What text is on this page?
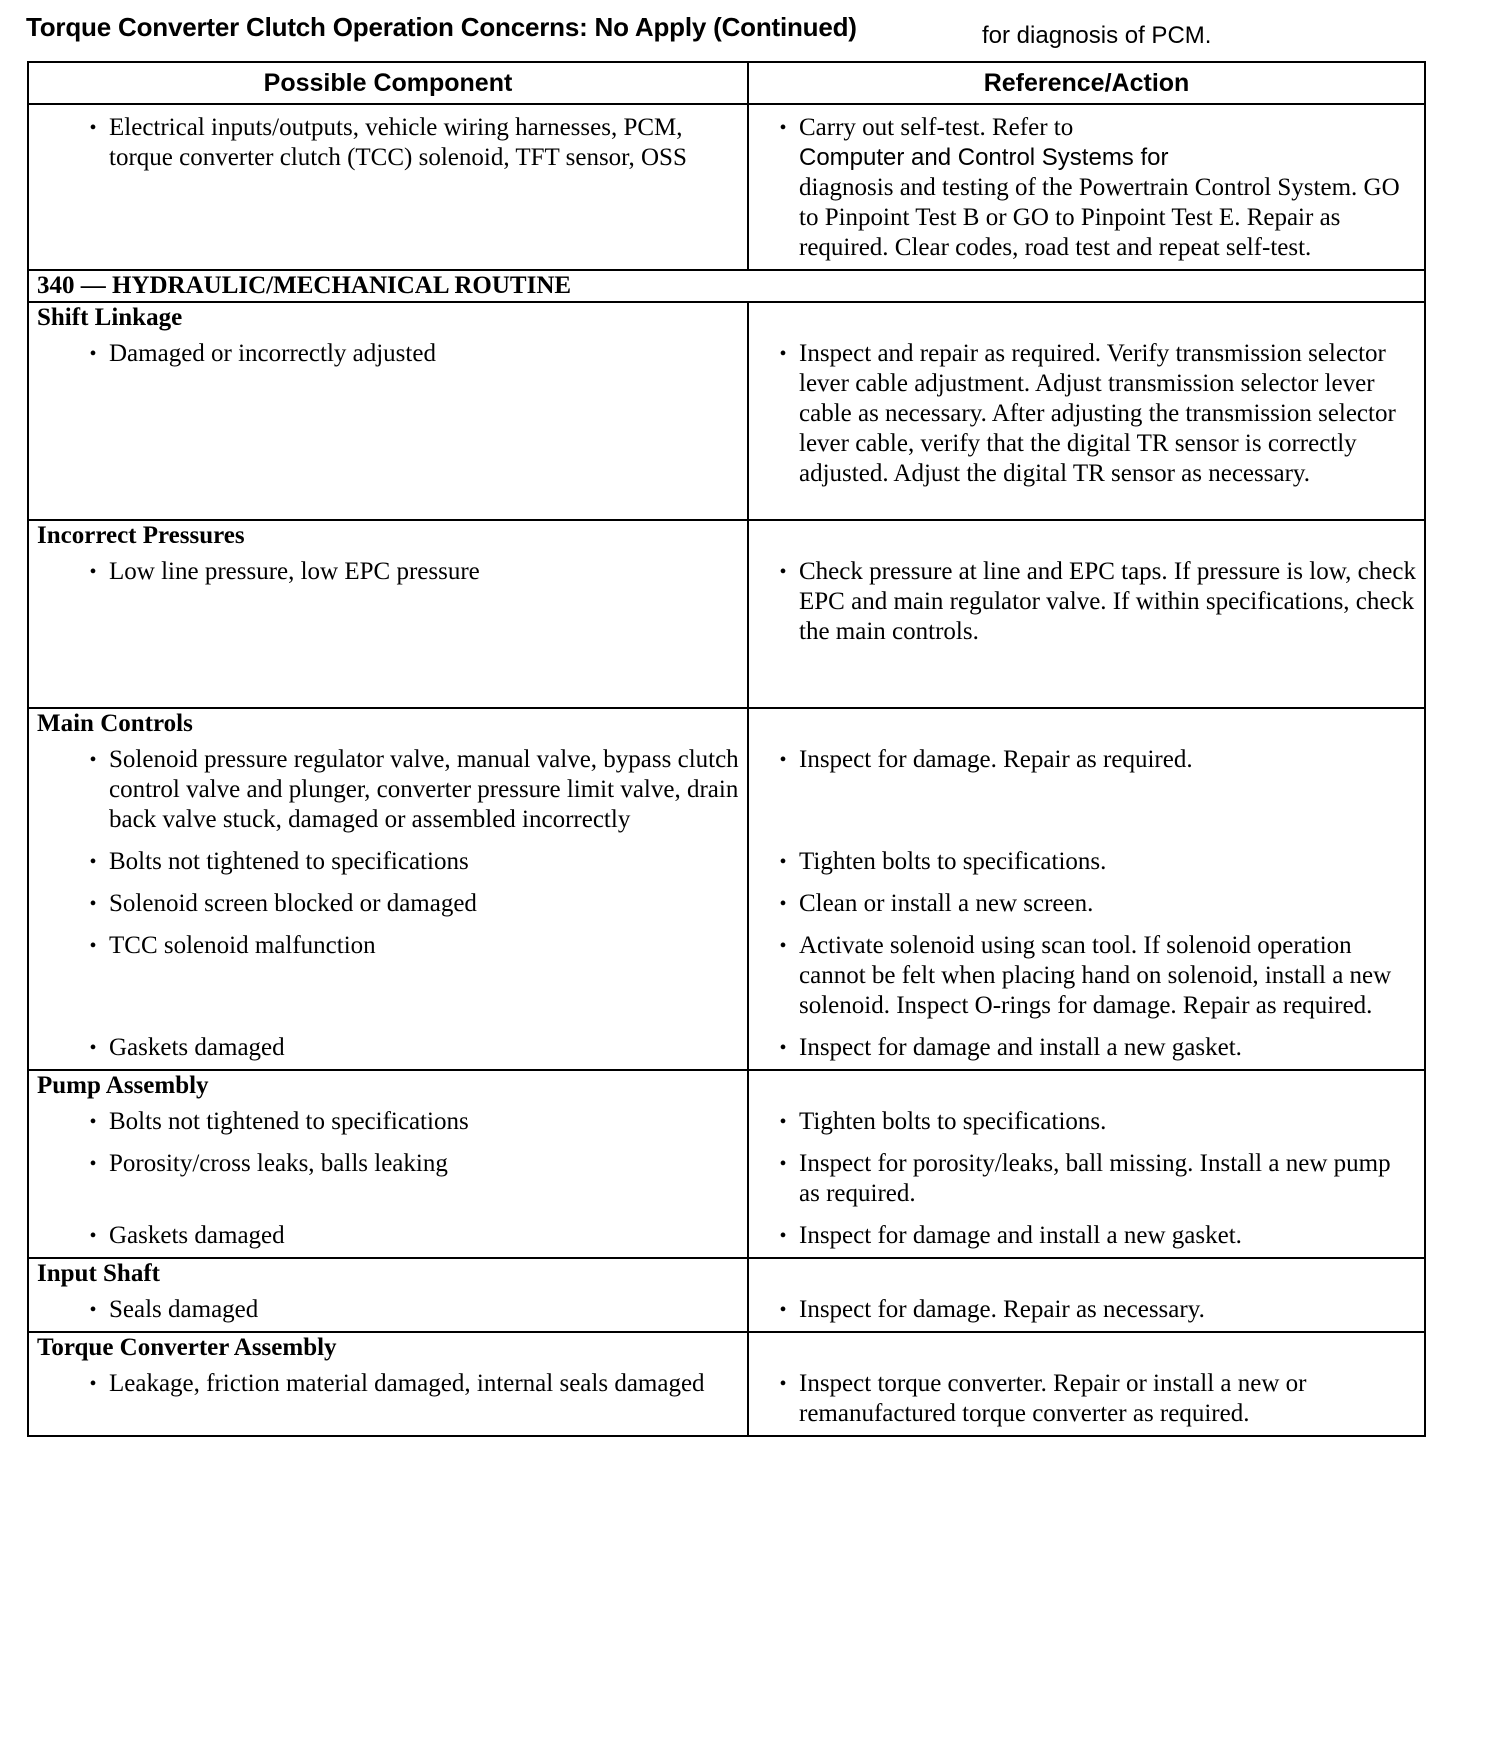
Torque Converter Clutch Operation Concerns: No Apply (Continued)	for diagnosis of PCM.
Possible Component	Reference/Action

• Electrical inputs/outputs, vehicle wiring harnesses, PCM, torque converter clutch (TCC) solenoid, TFT sensor, OSS	• Carry out self-test. Refer to
Computer and Control Systems for
diagnosis and testing of the Powertrain Control System. GO to Pinpoint Test B or GO to Pinpoint Test E. Repair as required. Clear codes, road test and repeat self-test.

340 — HYDRAULIC/MECHANICAL ROUTINE	
Shift Linkage	

• Damaged or incorrectly adjusted	• Inspect and repair as required. Verify transmission selector lever cable adjustment. Adjust transmission selector lever cable as necessary. After adjusting the transmission selector lever cable, verify that the digital TR sensor is correctly adjusted. Adjust the digital TR sensor as necessary.

Incorrect Pressures	

• Low line pressure, low EPC pressure	• Check pressure at line and EPC taps. If pressure is low, check EPC and main regulator valve. If within specifications, check the main controls.

Main Controls	

• Solenoid pressure regulator valve, manual valve, bypass clutch control valve and plunger, converter pressure limit valve, drain back valve stuck, damaged or assembled incorrectly	• Inspect for damage. Repair as required.

• Bolts not tightened to specifications	• Tighten bolts to specifications.

• Solenoid screen blocked or damaged	• Clean or install a new screen.

• TCC solenoid malfunction	• Activate solenoid using scan tool. If solenoid operation cannot be felt when placing hand on solenoid, install a new solenoid. Inspect O-rings for damage. Repair as required.

• Gaskets damaged	• Inspect for damage and install a new gasket.

Pump Assembly	

• Bolts not tightened to specifications	• Tighten bolts to specifications.

• Porosity/cross leaks, balls leaking	• Inspect for porosity/leaks, ball missing. Install a new pump as required.

• Gaskets damaged	• Inspect for damage and install a new gasket.

Input Shaft	

• Seals damaged	• Inspect for damage. Repair as necessary.

Torque Converter Assembly	

• Leakage, friction material damaged, internal seals damaged	• Inspect torque converter. Repair or install a new or remanufactured torque converter as required.
